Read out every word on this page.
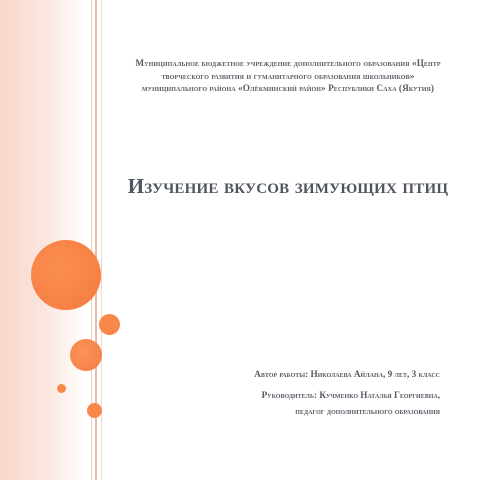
Муниципальное бюджетное учреждение дополнительного образования «Центр
творческого развития и гуманитарного образования школьников»
муниципального района «Олёкминский район» Республики Саха (Якутия)
Изучение вкусов зимующих птиц
Автор работы: Николаева Айлана, 9 лет, 3 класс
Руководитель: Кучменко Наталья Георгиевна,
педагог дополнительного образования
